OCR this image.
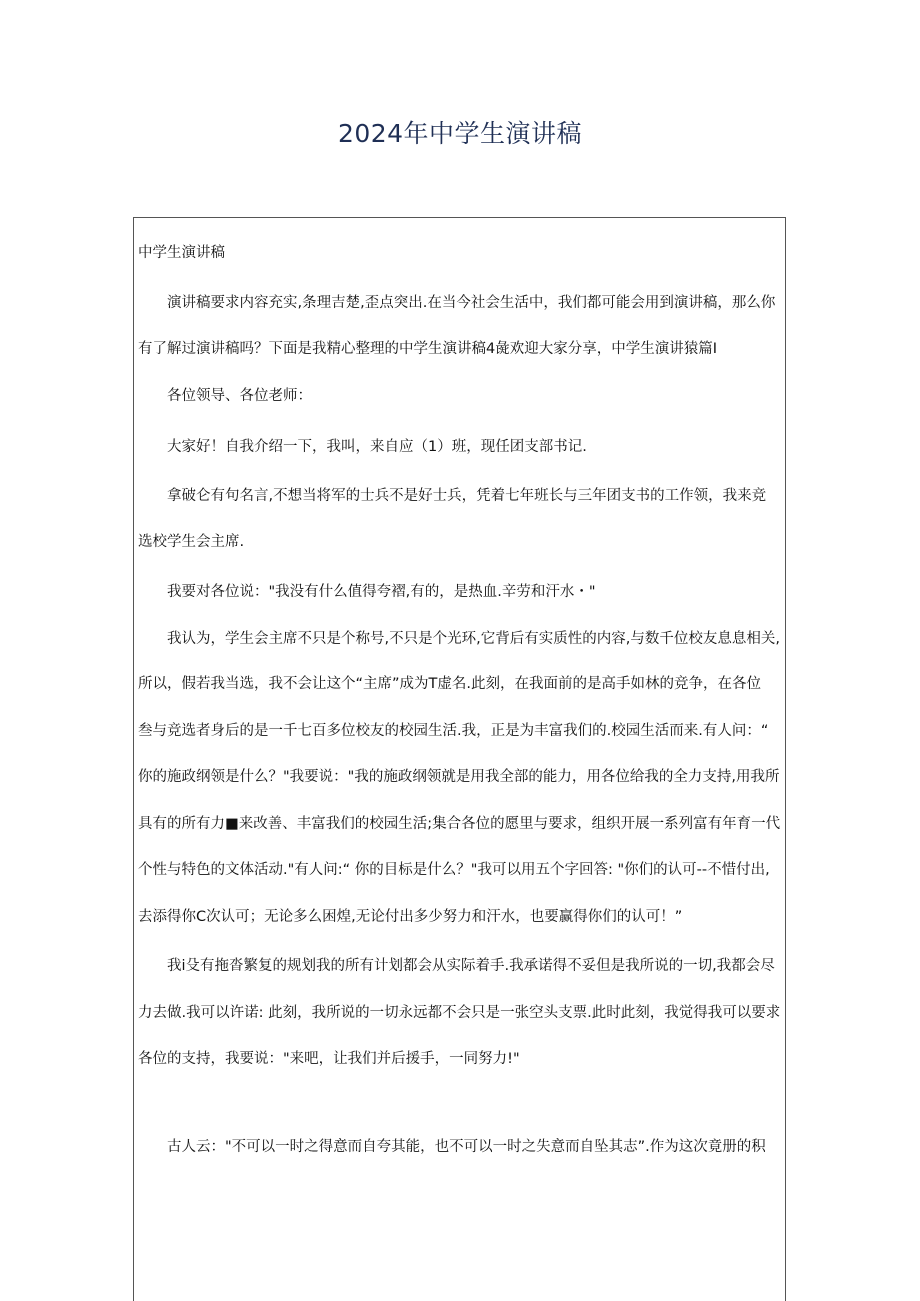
2024年中学生演讲稿
中学生演讲稿
　　演讲稿要求内容充实,条理吉楚,歪点突出.在当今社会生活中，我们都可能会用到演讲稿，那么你
有了解过演讲稿吗？下面是我精心整理的中学生演讲稿4彘欢迎大家分享，中学生演讲猿篇I
　　各位领导、各位老师：
　　大家好！自我介绍一下，我叫，来自应（1）班，现任团支部书记.
　　拿破仑有句名言,不想当将军的士兵不是好士兵，凭着七年班长与三年团支书的工作领，我来竞
选校学生会主席.
　　我要对各位说："我没有什么值得夸褶,有的，是热血.辛劳和汗水・"
　　我认为，学生会主席不只是个称号,不只是个光环,它背后有实质性的内容,与数千位校友息息相关,
所以，假若我当选，我不会让这个“主席”成为T虚名.此刻，在我面前的是高手如林的竞争，在各位
叁与竞选者身后的是一千七百多位校友的校园生活.我，正是为丰富我们的.校园生活而来.有人问：“
你的施政纲领是什么？"我要说："我的施政纲领就是用我全部的能力，用各位给我的全力支持,用我所
具有的所有力■来改善、丰富我们的校园生活;集合各位的愿里与要求，组织开展一系列富有年育一代
个性与特色的文体活动."有人问:“ 你的目标是什么？"我可以用五个字回答: "你们的认可--不惜付出,
去添得你C次认可；无论多么困煌,无论付出多少努力和汗水，也要赢得你们的认可！”
　　我i殳有拖沓繁复的规划我的所有计划都会从实际着手.我承诺得不妥但是我所说的一切,我都会尽
力去做.我可以许诺: 此刻，我所说的一切永远都不会只是一张空头支票.此时此刻，我觉得我可以要求
各位的支持，我要说："来吧，让我们并后援手，一同努力!"
　　古人云："不可以一时之得意而自夸其能，也不可以一时之失意而自坠其志”.作为这次竟册的积
